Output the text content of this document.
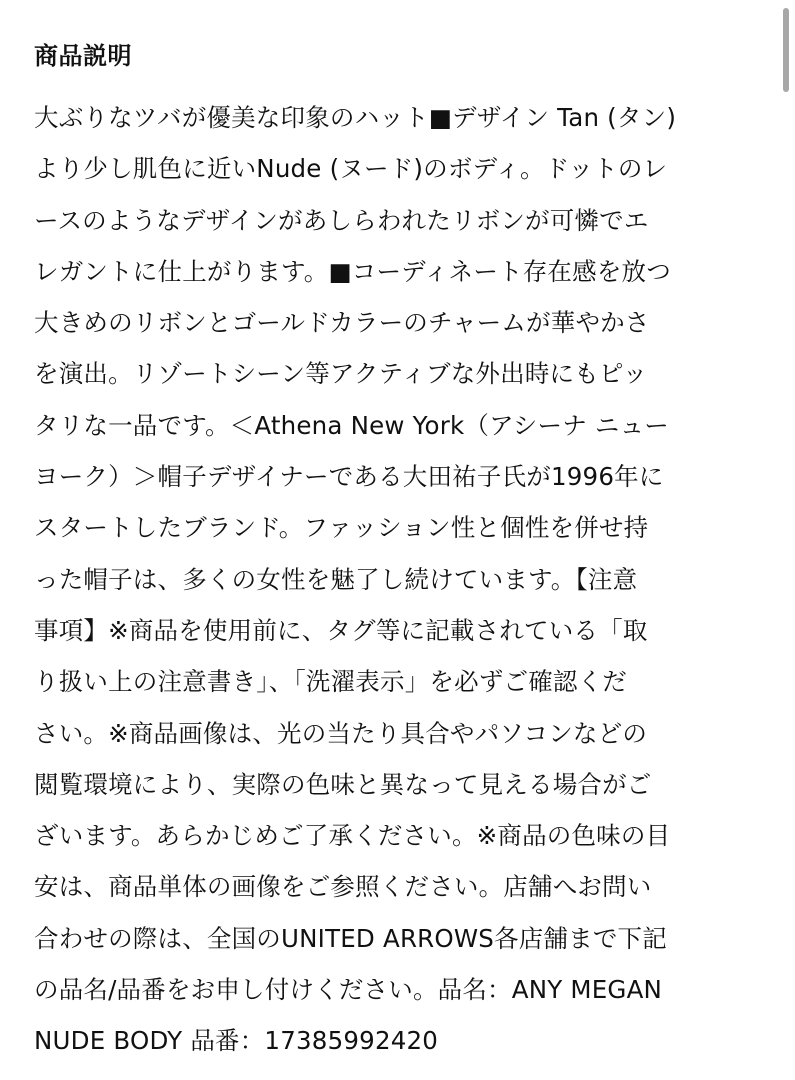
商品説明
大ぶりなツバが優美な印象のハット■デザイン Tan (タン)
より少し肌色に近いNude (ヌード)のボディ。ドットのレ
ースのようなデザインがあしらわれたリボンが可憐でエ
レガントに仕上がります。■コーディネート存在感を放つ
大きめのリボンとゴールドカラーのチャームが華やかさ
を演出。リゾートシーン等アクティブな外出時にもピッ
タリな一品です。＜Athena New York（アシーナ ニュー
ヨーク）＞帽子デザイナーである大田祐子氏が1996年に
スタートしたブランド。ファッション性と個性を併せ持
った帽子は、多くの女性を魅了し続けています。【注意
事項】※商品を使用前に、タグ等に記載されている「取
り扱い上の注意書き」、「洗濯表示」を必ずご確認くだ
さい。※商品画像は、光の当たり具合やパソコンなどの
閲覧環境により、実際の色味と異なって見える場合がご
ざいます。あらかじめご了承ください。※商品の色味の目
安は、商品単体の画像をご参照ください。店舗へお問い
合わせの際は、全国のUNITED ARROWS各店舗まで下記
の品名/品番をお申し付けください。品名：ANY MEGAN
NUDE BODY 品番：17385992420
